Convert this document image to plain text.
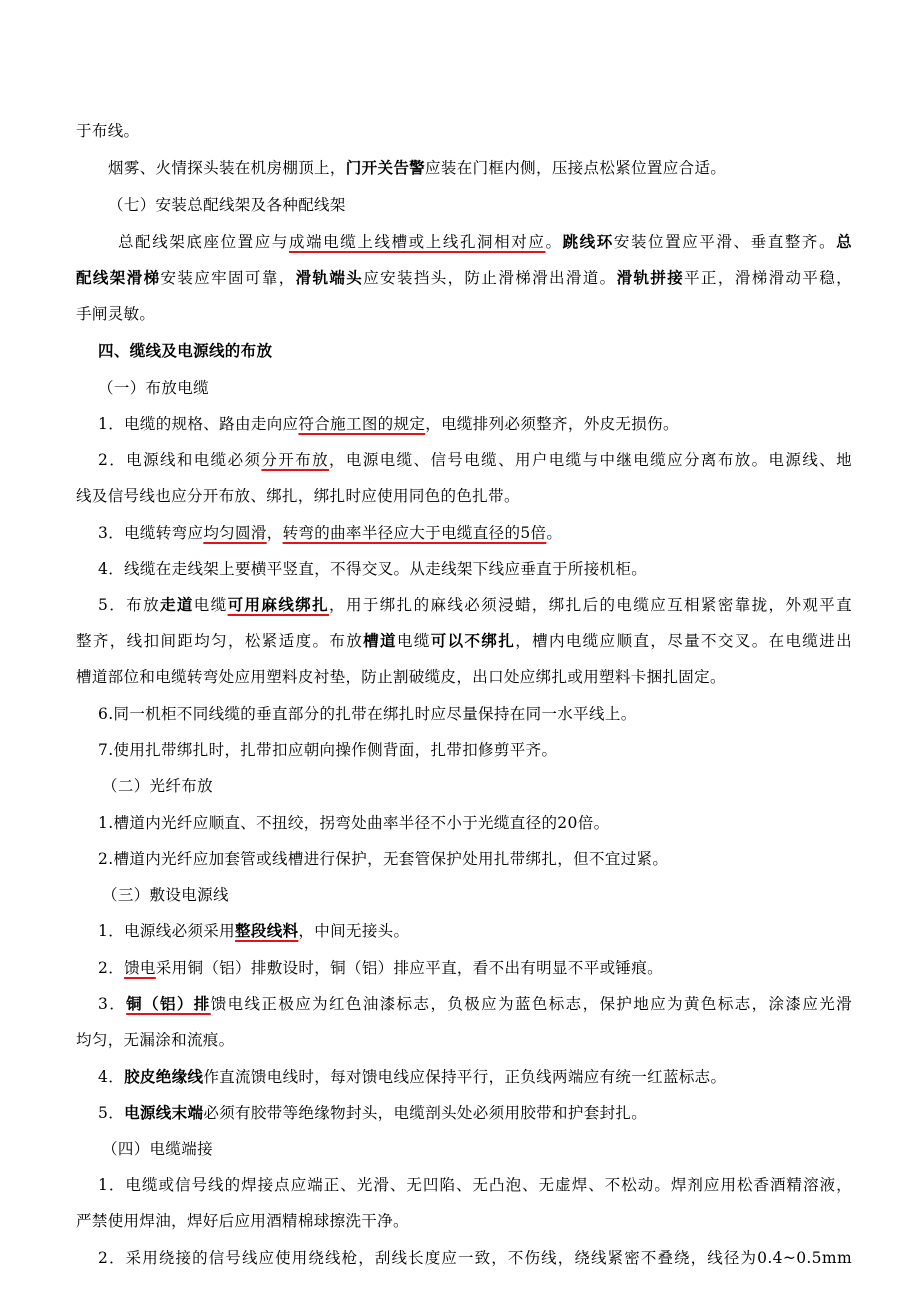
于布线。
烟雾、火情探头装在机房棚顶上，门开关告警应装在门框内侧，压接点松紧位置应合适。
（七）安装总配线架及各种配线架
总配线架底座位置应与成端电缆上线槽或上线孔洞相对应。跳线环安装位置应平滑、垂直整齐。总
配线架滑梯安装应牢固可靠，滑轨端头应安装挡头，防止滑梯滑出滑道。滑轨拼接平正，滑梯滑动平稳，
手闸灵敏。
四、缆线及电源线的布放
（一）布放电缆
1．电缆的规格、路由走向应符合施工图的规定，电缆排列必须整齐，外皮无损伤。
2．电源线和电缆必须分开布放，电源电缆、信号电缆、用户电缆与中继电缆应分离布放。电源线、地
线及信号线也应分开布放、绑扎，绑扎时应使用同色的色扎带。
3．电缆转弯应均匀圆滑，转弯的曲率半径应大于电缆直径的5倍。
4．线缆在走线架上要横平竖直，不得交叉。从走线架下线应垂直于所接机柜。
5．布放走道电缆可用麻线绑扎，用于绑扎的麻线必须浸蜡，绑扎后的电缆应互相紧密靠拢，外观平直
整齐，线扣间距均匀，松紧适度。布放槽道电缆可以不绑扎，槽内电缆应顺直，尽量不交叉。在电缆进出
槽道部位和电缆转弯处应用塑料皮衬垫，防止割破缆皮，出口处应绑扎或用塑料卡捆扎固定。
6.同一机柜不同线缆的垂直部分的扎带在绑扎时应尽量保持在同一水平线上。
7.使用扎带绑扎时，扎带扣应朝向操作侧背面，扎带扣修剪平齐。
（二）光纤布放
1.槽道内光纤应顺直、不扭绞，拐弯处曲率半径不小于光缆直径的20倍。
2.槽道内光纤应加套管或线槽进行保护，无套管保护处用扎带绑扎，但不宜过紧。
（三）敷设电源线
1．电源线必须采用整段线料，中间无接头。
2．馈电采用铜（铝）排敷设时，铜（铝）排应平直，看不出有明显不平或锤痕。
3．铜（铝）排馈电线正极应为红色油漆标志，负极应为蓝色标志，保护地应为黄色标志，涂漆应光滑
均匀，无漏涂和流痕。
4．胶皮绝缘线作直流馈电线时，每对馈电线应保持平行，正负线两端应有统一红蓝标志。
5．电源线末端必须有胶带等绝缘物封头，电缆剖头处必须用胶带和护套封扎。
（四）电缆端接
1．电缆或信号线的焊接点应端正、光滑、无凹陷、无凸泡、无虚焊、不松动。焊剂应用松香酒精溶液，
严禁使用焊油，焊好后应用酒精棉球擦洗干净。
2．采用绕接的信号线应使用绕线枪，刮线长度应一致，不伤线，绕线紧密不叠绕，线径为0.4~0.5mm
